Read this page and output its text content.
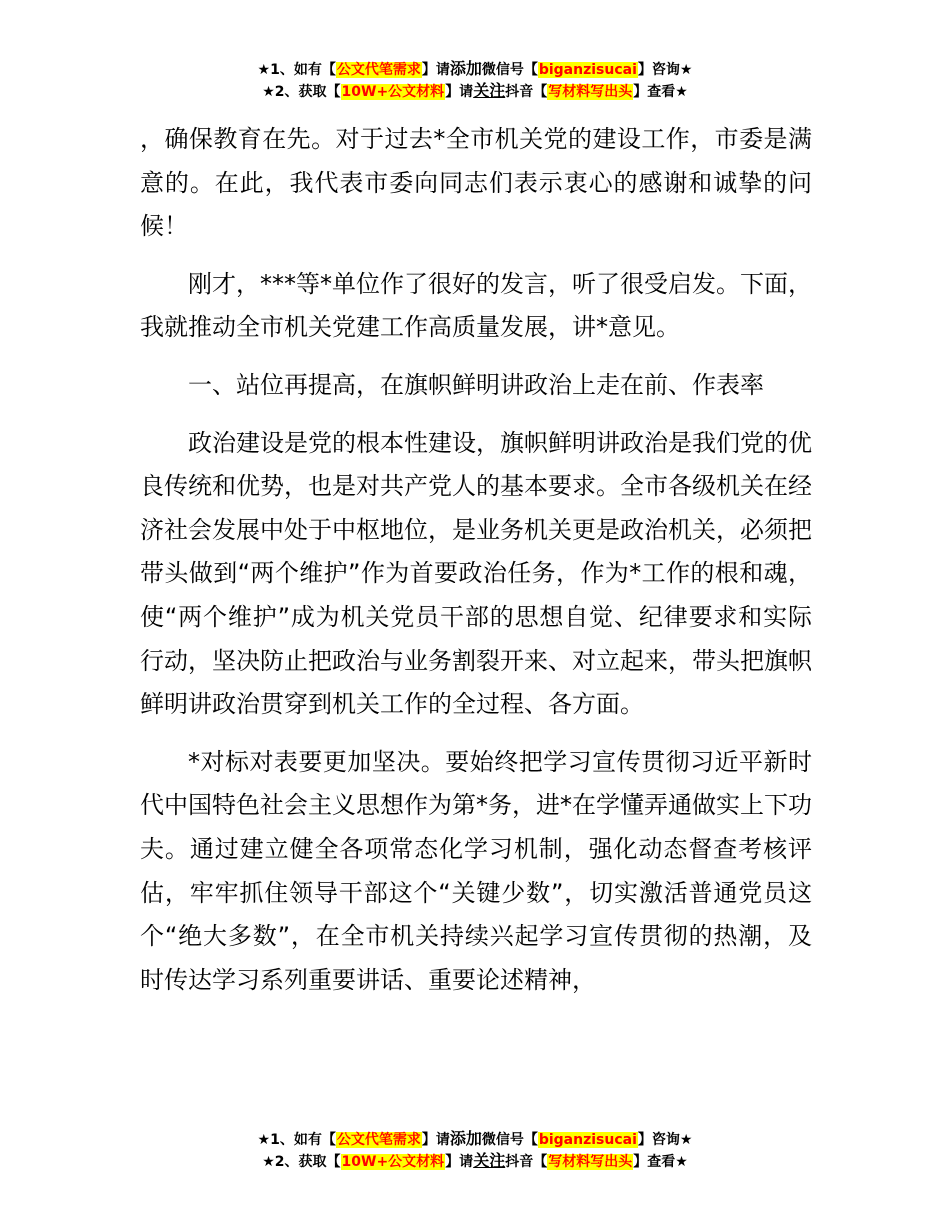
★1、如有【公文代笔需求】请添加微信号【biganzisucai】咨询★
★2、获取【10W+公文材料】请关注抖音【写材料写出头】查看★

，确保教育在先。对于过去*全市机关党的建设工作，市委是满意的。在此，我代表市委向同志们表示衷心的感谢和诚挚的问候！

刚才，***等*单位作了很好的发言，听了很受启发。下面，我就推动全市机关党建工作高质量发展，讲*意见。

一、站位再提高，在旗帜鲜明讲政治上走在前、作表率

政治建设是党的根本性建设，旗帜鲜明讲政治是我们党的优良传统和优势，也是对共产党人的基本要求。全市各级机关在经济社会发展中处于中枢地位，是业务机关更是政治机关，必须把带头做到“两个维护”作为首要政治任务，作为*工作的根和魂，使“两个维护”成为机关党员干部的思想自觉、纪律要求和实际行动，坚决防止把政治与业务割裂开来、对立起来，带头把旗帜鲜明讲政治贯穿到机关工作的全过程、各方面。

*对标对表要更加坚决。要始终把学习宣传贯彻习近平新时代中国特色社会主义思想作为第*务，进*在学懂弄通做实上下功夫。通过建立健全各项常态化学习机制，强化动态督查考核评估，牢牢抓住领导干部这个“关键少数”，切实激活普通党员这个“绝大多数”，在全市机关持续兴起学习宣传贯彻的热潮，及时传达学习系列重要讲话、重要论述精神，

★1、如有【公文代笔需求】请添加微信号【biganzisucai】咨询★
★2、获取【10W+公文材料】请关注抖音【写材料写出头】查看★
